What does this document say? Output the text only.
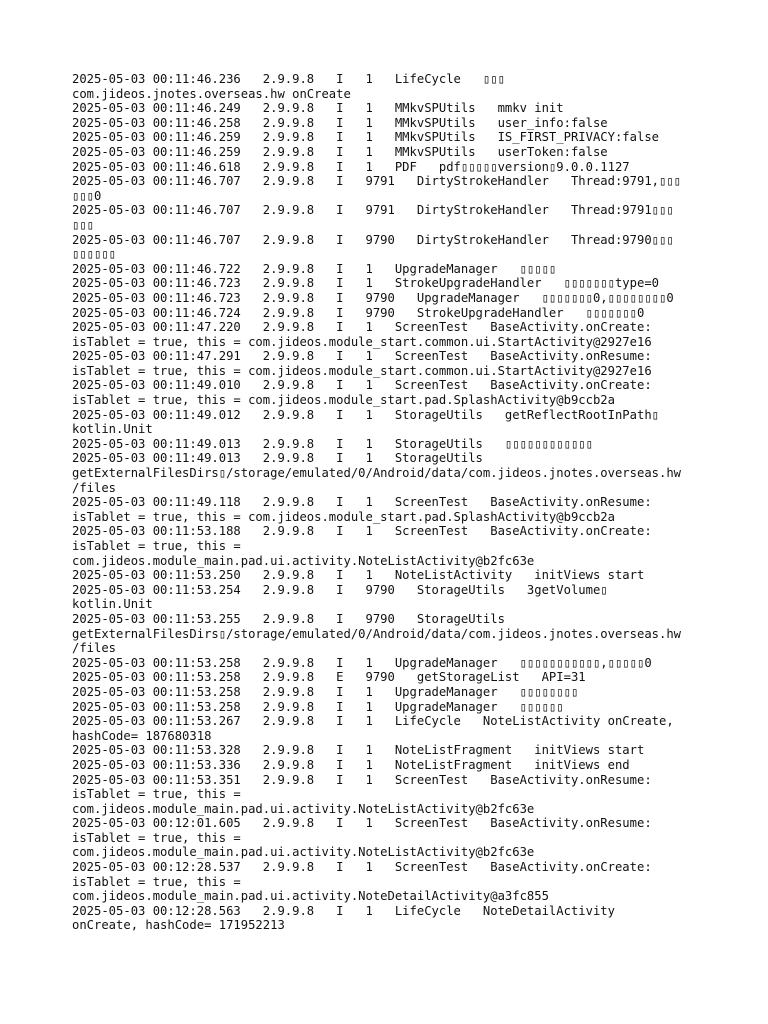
2025-05-03 00:11:46.236   2.9.9.8   I   1   LifeCycle   ▯▯▯

com.jideos.jnotes.overseas.hw onCreate

2025-05-03 00:11:46.249   2.9.9.8   I   1   MMkvSPUtils   mmkv init

2025-05-03 00:11:46.258   2.9.9.8   I   1   MMkvSPUtils   user_info:false

2025-05-03 00:11:46.259   2.9.9.8   I   1   MMkvSPUtils   IS_FIRST_PRIVACY:false

2025-05-03 00:11:46.259   2.9.9.8   I   1   MMkvSPUtils   userToken:false

2025-05-03 00:11:46.618   2.9.9.8   I   1   PDF   pdf▯▯▯▯▯version▯9.0.0.1127

2025-05-03 00:11:46.707   2.9.9.8   I   9791   DirtyStrokeHandler   Thread:9791,▯▯▯

▯▯▯0

2025-05-03 00:11:46.707   2.9.9.8   I   9791   DirtyStrokeHandler   Thread:9791▯▯▯

▯▯▯

2025-05-03 00:11:46.707   2.9.9.8   I   9790   DirtyStrokeHandler   Thread:9790▯▯▯

▯▯▯▯▯▯

2025-05-03 00:11:46.722   2.9.9.8   I   1   UpgradeManager   ▯▯▯▯▯

2025-05-03 00:11:46.723   2.9.9.8   I   1   StrokeUpgradeHandler   ▯▯▯▯▯▯▯type=0

2025-05-03 00:11:46.723   2.9.9.8   I   9790   UpgradeManager   ▯▯▯▯▯▯▯0,▯▯▯▯▯▯▯▯0

2025-05-03 00:11:46.724   2.9.9.8   I   9790   StrokeUpgradeHandler   ▯▯▯▯▯▯▯0

2025-05-03 00:11:47.220   2.9.9.8   I   1   ScreenTest   BaseActivity.onCreate:

isTablet = true, this = com.jideos.module_start.common.ui.StartActivity@2927e16

2025-05-03 00:11:47.291   2.9.9.8   I   1   ScreenTest   BaseActivity.onResume:

isTablet = true, this = com.jideos.module_start.common.ui.StartActivity@2927e16

2025-05-03 00:11:49.010   2.9.9.8   I   1   ScreenTest   BaseActivity.onCreate:

isTablet = true, this = com.jideos.module_start.pad.SplashActivity@b9ccb2a

2025-05-03 00:11:49.012   2.9.9.8   I   1   StorageUtils   getReflectRootInPath▯

kotlin.Unit

2025-05-03 00:11:49.013   2.9.9.8   I   1   StorageUtils   ▯▯▯▯▯▯▯▯▯▯▯▯

2025-05-03 00:11:49.013   2.9.9.8   I   1   StorageUtils

getExternalFilesDirs▯/storage/emulated/0/Android/data/com.jideos.jnotes.overseas.hw

/files

2025-05-03 00:11:49.118   2.9.9.8   I   1   ScreenTest   BaseActivity.onResume:

isTablet = true, this = com.jideos.module_start.pad.SplashActivity@b9ccb2a

2025-05-03 00:11:53.188   2.9.9.8   I   1   ScreenTest   BaseActivity.onCreate:

isTablet = true, this =

com.jideos.module_main.pad.ui.activity.NoteListActivity@b2fc63e

2025-05-03 00:11:53.250   2.9.9.8   I   1   NoteListActivity   initViews start

2025-05-03 00:11:53.254   2.9.9.8   I   9790   StorageUtils   3getVolume▯

kotlin.Unit

2025-05-03 00:11:53.255   2.9.9.8   I   9790   StorageUtils

getExternalFilesDirs▯/storage/emulated/0/Android/data/com.jideos.jnotes.overseas.hw

/files

2025-05-03 00:11:53.258   2.9.9.8   I   1   UpgradeManager   ▯▯▯▯▯▯▯▯▯▯▯,▯▯▯▯▯0

2025-05-03 00:11:53.258   2.9.9.8   E   9790   getStorageList   API=31

2025-05-03 00:11:53.258   2.9.9.8   I   1   UpgradeManager   ▯▯▯▯▯▯▯▯

2025-05-03 00:11:53.258   2.9.9.8   I   1   UpgradeManager   ▯▯▯▯▯▯

2025-05-03 00:11:53.267   2.9.9.8   I   1   LifeCycle   NoteListActivity onCreate,

hashCode= 187680318

2025-05-03 00:11:53.328   2.9.9.8   I   1   NoteListFragment   initViews start

2025-05-03 00:11:53.336   2.9.9.8   I   1   NoteListFragment   initViews end

2025-05-03 00:11:53.351   2.9.9.8   I   1   ScreenTest   BaseActivity.onResume:

isTablet = true, this =

com.jideos.module_main.pad.ui.activity.NoteListActivity@b2fc63e

2025-05-03 00:12:01.605   2.9.9.8   I   1   ScreenTest   BaseActivity.onResume:

isTablet = true, this =

com.jideos.module_main.pad.ui.activity.NoteListActivity@b2fc63e

2025-05-03 00:12:28.537   2.9.9.8   I   1   ScreenTest   BaseActivity.onCreate:

isTablet = true, this =

com.jideos.module_main.pad.ui.activity.NoteDetailActivity@a3fc855

2025-05-03 00:12:28.563   2.9.9.8   I   1   LifeCycle   NoteDetailActivity

onCreate, hashCode= 171952213
